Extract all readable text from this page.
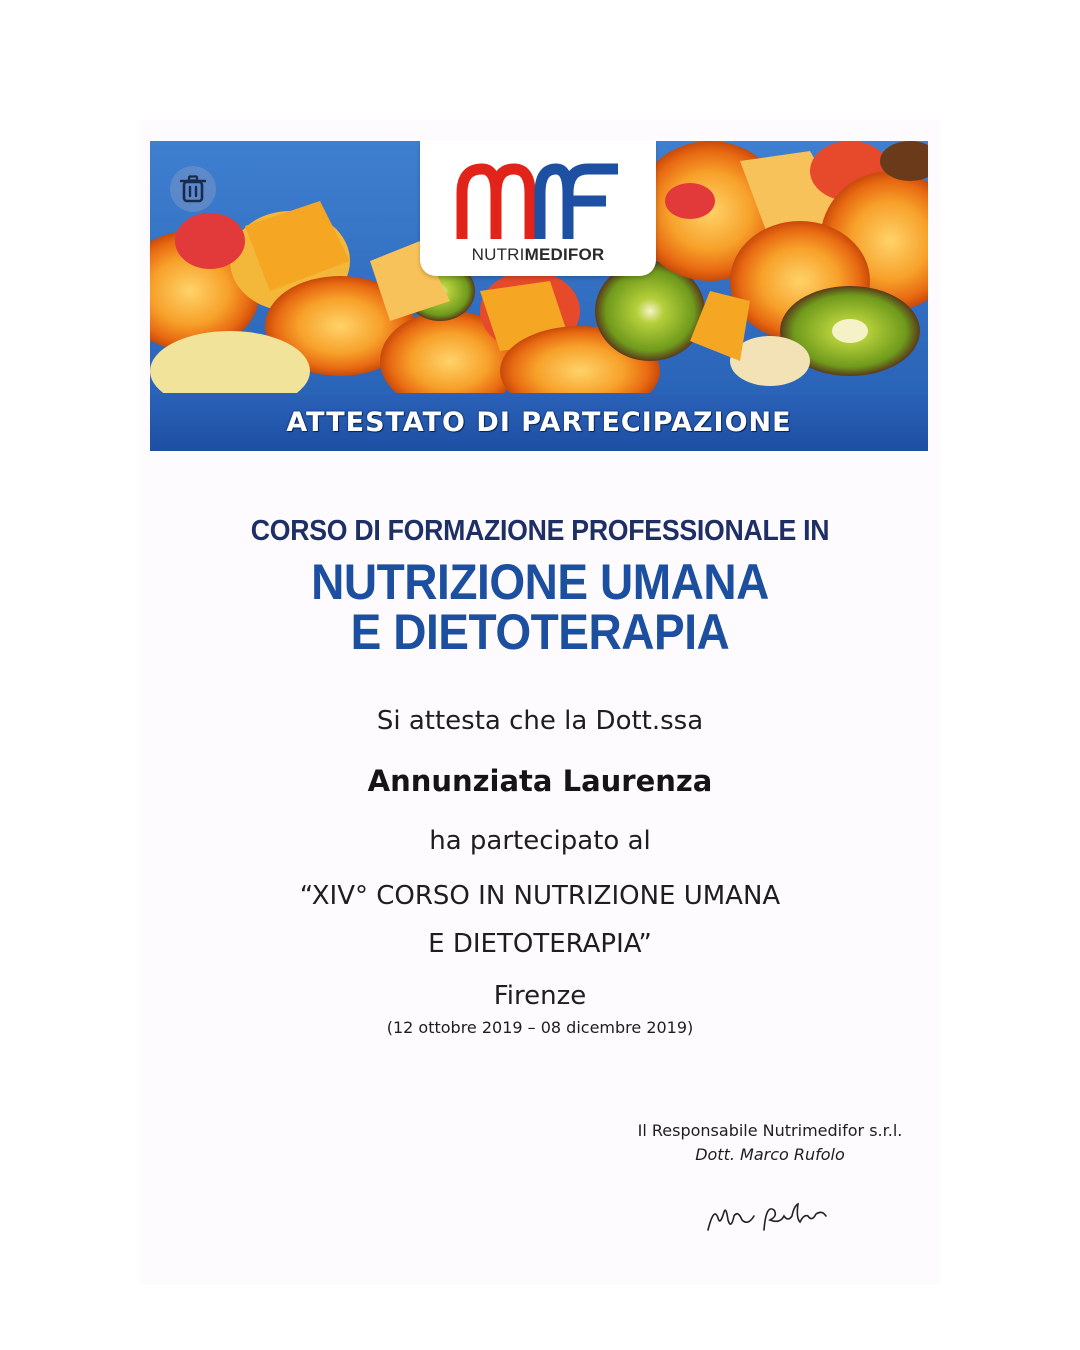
NUTRIMEDIFOR
ATTESTATO DI PARTECIPAZIONE

CORSO DI FORMAZIONE PROFESSIONALE IN

NUTRIZIONE UMANA
E DIETOTERAPIA

Si attesta che la Dott.ssa

Annunziata Laurenza

ha partecipato al

“XIV° CORSO IN NUTRIZIONE UMANA
E DIETOTERAPIA”

Firenze

(12 ottobre 2019 – 08 dicembre 2019)

Il Responsabile Nutrimedifor s.r.l.

Dott. Marco Rufolo
